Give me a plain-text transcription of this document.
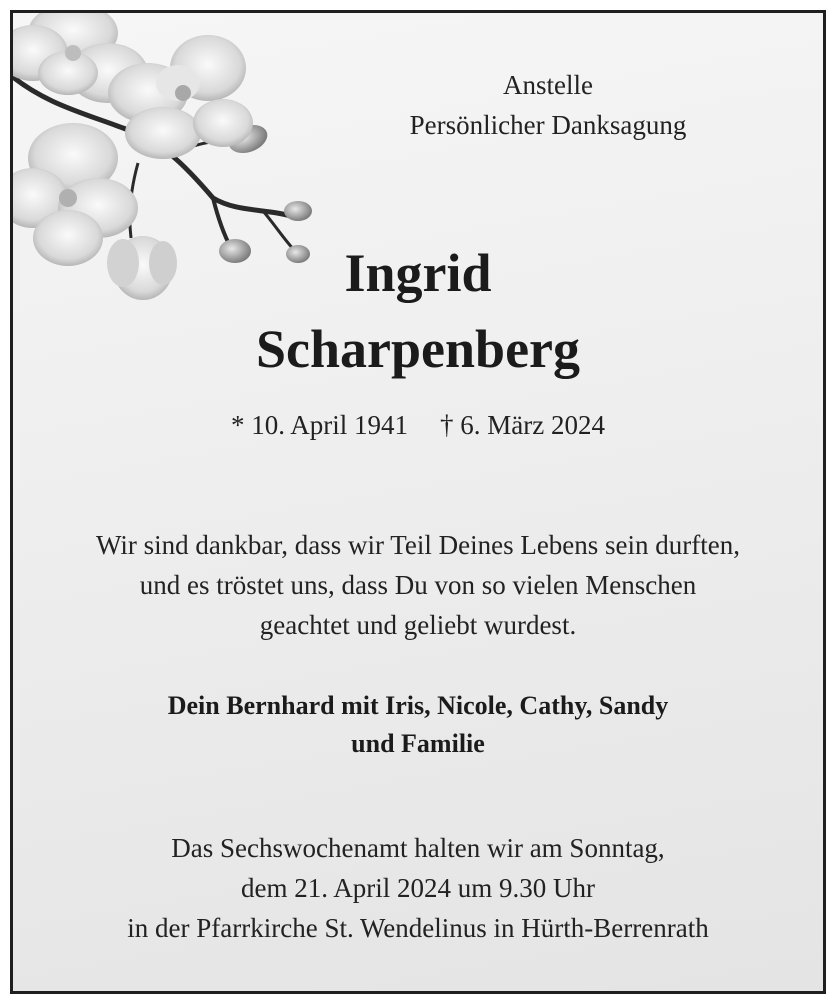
Anstelle
Persönlicher Danksagung
Ingrid
Scharpenberg
* 10. April 1941 † 6. März 2024
Wir sind dankbar, dass wir Teil Deines Lebens sein durften,
und es tröstet uns, dass Du von so vielen Menschen
geachtet und geliebt wurdest.
Dein Bernhard mit Iris, Nicole, Cathy, Sandy
und Familie
Das Sechswochenamt halten wir am Sonntag,
dem 21. April 2024 um 9.30 Uhr
in der Pfarrkirche St. Wendelinus in Hürth-Berrenrath
